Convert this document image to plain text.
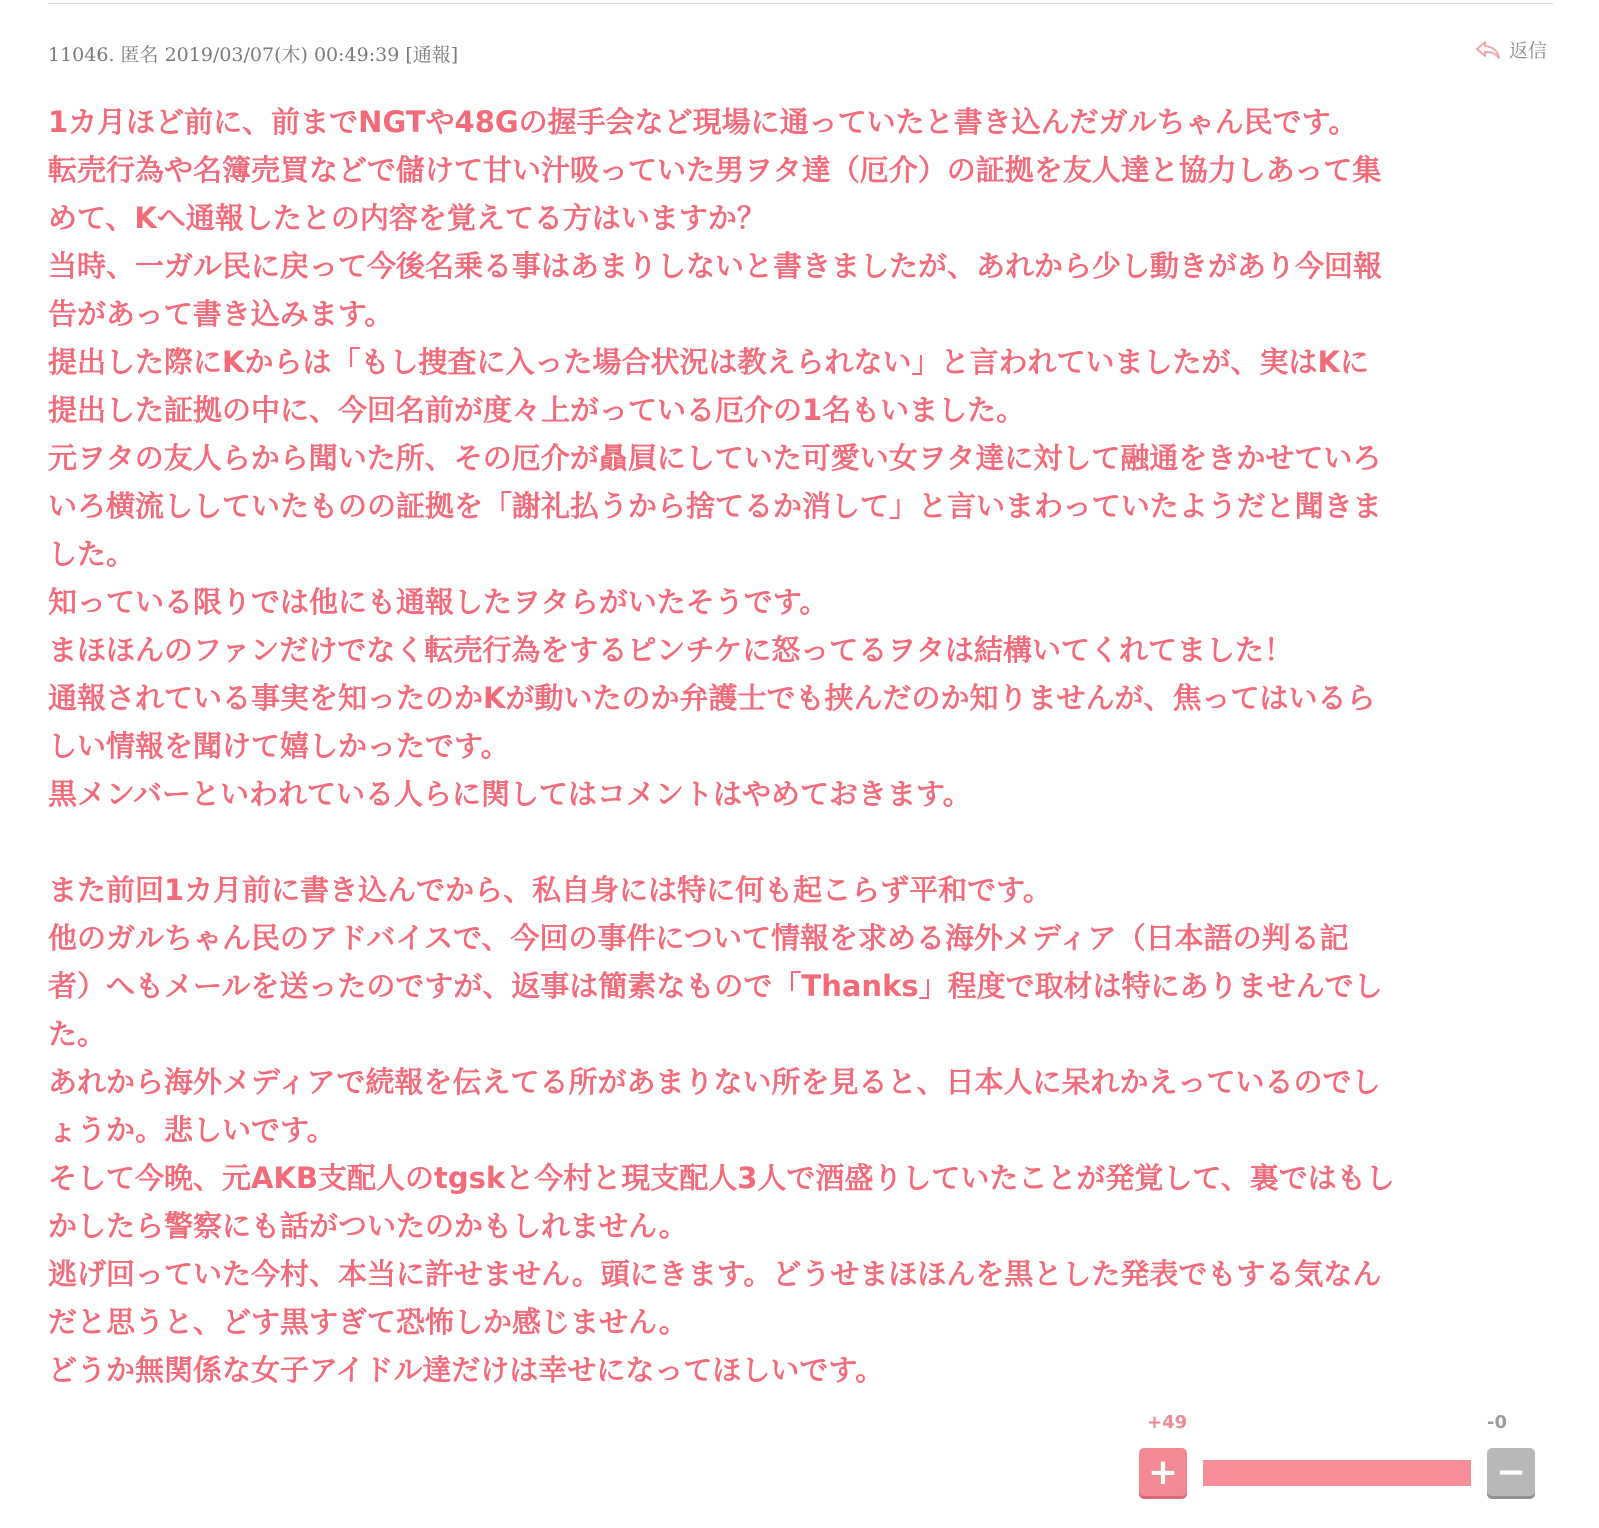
11046. 匿名 2019/03/07(木) 00:49:39 [通報]	返信

1カ月ほど前に、前までNGTや48Gの握手会など現場に通っていたと書き込んだガルちゃん民です。

転売行為や名簿売買などで儲けて甘い汁吸っていた男ヲタ達（厄介）の証拠を友人達と協力しあって集

めて、Kへ通報したとの内容を覚えてる方はいますか？

当時、一ガル民に戻って今後名乗る事はあまりしないと書きましたが、あれから少し動きがあり今回報

告があって書き込みます。

提出した際にKからは「もし捜査に入った場合状況は教えられない」と言われていましたが、実はKに

提出した証拠の中に、今回名前が度々上がっている厄介の1名もいました。

元ヲタの友人らから聞いた所、その厄介が贔屓にしていた可愛い女ヲタ達に対して融通をきかせていろ

いろ横流ししていたものの証拠を「謝礼払うから捨てるか消して」と言いまわっていたようだと聞きま

した。

知っている限りでは他にも通報したヲタらがいたそうです。

まほほんのファンだけでなく転売行為をするピンチケに怒ってるヲタは結構いてくれてました！

通報されている事実を知ったのかKが動いたのか弁護士でも挟んだのか知りませんが、焦ってはいるら

しい情報を聞けて嬉しかったです。

黒メンバーといわれている人らに関してはコメントはやめておきます。

また前回1カ月前に書き込んでから、私自身には特に何も起こらず平和です。

他のガルちゃん民のアドバイスで、今回の事件について情報を求める海外メディア（日本語の判る記

者）へもメールを送ったのですが、返事は簡素なもので「Thanks」程度で取材は特にありませんでし

た。

あれから海外メディアで続報を伝えてる所があまりない所を見ると、日本人に呆れかえっているのでし

ょうか。悲しいです。

そして今晩、元AKB支配人のtgskと今村と現支配人3人で酒盛りしていたことが発覚して、裏ではもし

かしたら警察にも話がついたのかもしれません。

逃げ回っていた今村、本当に許せません。頭にきます。どうせまほほんを黒とした発表でもする気なん

だと思うと、どす黒すぎて恐怖しか感じません。

どうか無関係な女子アイドル達だけは幸せになってほしいです。

+49	-0
+	−
